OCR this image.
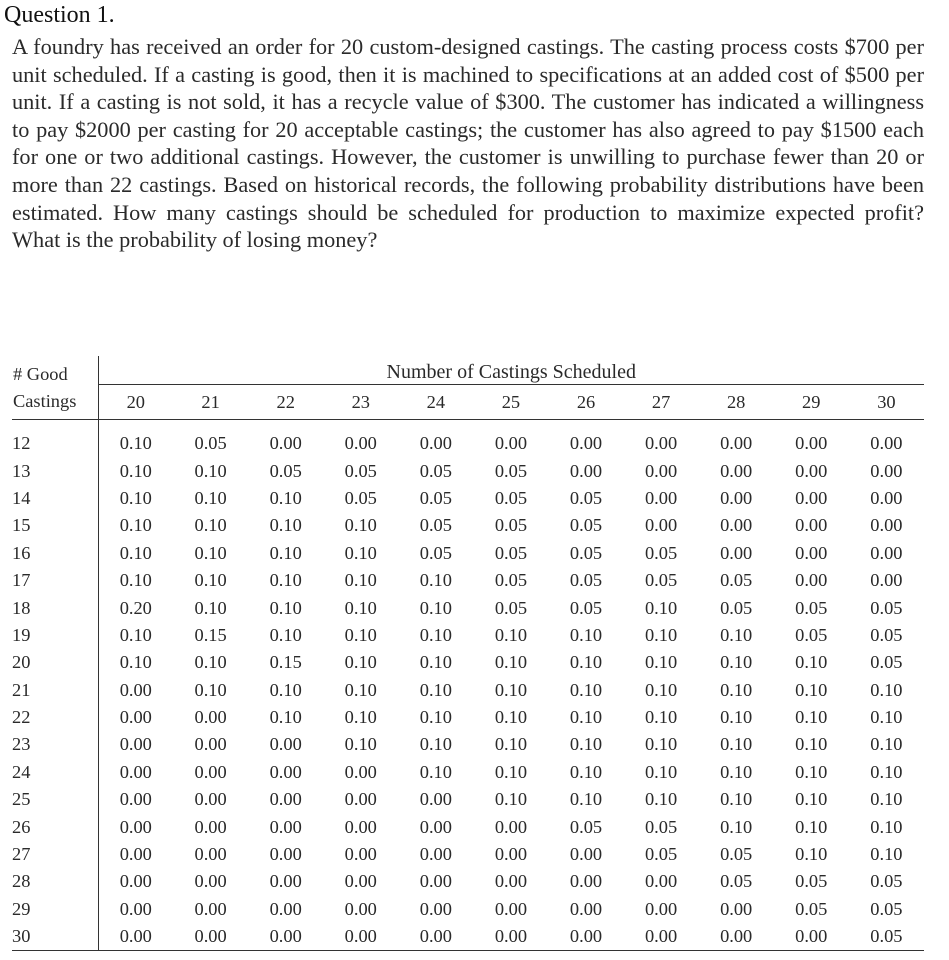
Question 1.

A foundry has received an order for 20 custom-designed castings. The casting process costs $700 per unit scheduled. If a casting is good, then it is machined to specifications at an added cost of $500 per unit. If a casting is not sold, it has a recycle value of $300. The customer has indicated a willingness to pay $2000 per casting for 20 acceptable castings; the customer has also agreed to pay $1500 each for one or two additional castings. However, the customer is unwilling to purchase fewer than 20 or more than 22 castings. Based on historical records, the following probability distributions have been estimated. How many castings should be scheduled for production to maximize expected profit? What is the probability of losing money?

# Good	Number of Castings Scheduled										
Castings	20	21	22	23	24	25	26	27	28	29	30

12	0.10	0.05	0.00	0.00	0.00	0.00	0.00	0.00	0.00	0.00	0.00
13	0.10	0.10	0.05	0.05	0.05	0.05	0.00	0.00	0.00	0.00	0.00
14	0.10	0.10	0.10	0.05	0.05	0.05	0.05	0.00	0.00	0.00	0.00
15	0.10	0.10	0.10	0.10	0.05	0.05	0.05	0.00	0.00	0.00	0.00
16	0.10	0.10	0.10	0.10	0.05	0.05	0.05	0.05	0.00	0.00	0.00
17	0.10	0.10	0.10	0.10	0.10	0.05	0.05	0.05	0.05	0.00	0.00
18	0.20	0.10	0.10	0.10	0.10	0.05	0.05	0.10	0.05	0.05	0.05
19	0.10	0.15	0.10	0.10	0.10	0.10	0.10	0.10	0.10	0.05	0.05
20	0.10	0.10	0.15	0.10	0.10	0.10	0.10	0.10	0.10	0.10	0.05
21	0.00	0.10	0.10	0.10	0.10	0.10	0.10	0.10	0.10	0.10	0.10
22	0.00	0.00	0.10	0.10	0.10	0.10	0.10	0.10	0.10	0.10	0.10
23	0.00	0.00	0.00	0.10	0.10	0.10	0.10	0.10	0.10	0.10	0.10
24	0.00	0.00	0.00	0.00	0.10	0.10	0.10	0.10	0.10	0.10	0.10
25	0.00	0.00	0.00	0.00	0.00	0.10	0.10	0.10	0.10	0.10	0.10
26	0.00	0.00	0.00	0.00	0.00	0.00	0.05	0.05	0.10	0.10	0.10
27	0.00	0.00	0.00	0.00	0.00	0.00	0.00	0.05	0.05	0.10	0.10
28	0.00	0.00	0.00	0.00	0.00	0.00	0.00	0.00	0.05	0.05	0.05
29	0.00	0.00	0.00	0.00	0.00	0.00	0.00	0.00	0.00	0.05	0.05
30	0.00	0.00	0.00	0.00	0.00	0.00	0.00	0.00	0.00	0.00	0.05
